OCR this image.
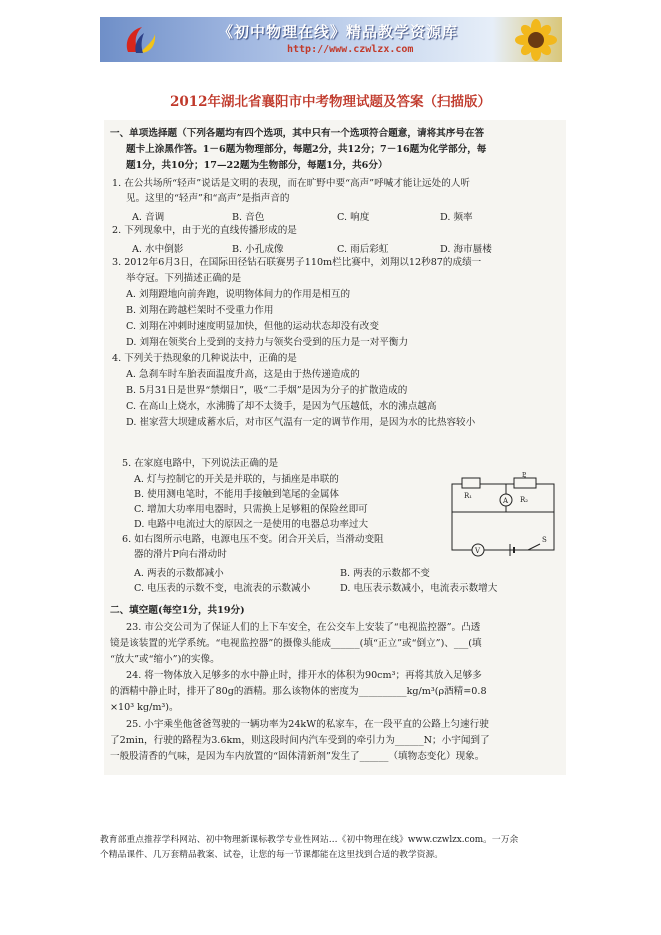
《初中物理在线》精品教学资源库
http://www.czwlzx.com
2012年湖北省襄阳市中考物理试题及答案（扫描版）
一、单项选择题（下列各题均有四个选项，其中只有一个选项符合题意，请将其序号在答
题卡上涂黑作答。1－6题为物理部分，每题2分，共12分；7－16题为化学部分，每
题1分，共10分；17—22题为生物部分，每题1分，共6分）
1. 在公共场所“轻声”说话是文明的表现，而在旷野中要“高声”呼喊才能让远处的人听
见。这里的“轻声”和“高声”是指声音的
A. 音调	B. 音色	C. 响度	D. 频率
2. 下列现象中，由于光的直线传播形成的是
A. 水中倒影	B. 小孔成像	C. 雨后彩虹	D. 海市蜃楼
3. 2012年6月3日，在国际田径钻石联赛男子110m栏比赛中，刘翔以12秒87的成绩一
举夺冠。下列描述正确的是
A. 刘翔蹬地向前奔跑，说明物体间力的作用是相互的
B. 刘翔在跨越栏架时不受重力作用
C. 刘翔在冲刺时速度明显加快，但他的运动状态却没有改变
D. 刘翔在领奖台上受到的支持力与领奖台受到的压力是一对平衡力
4. 下列关于热现象的几种说法中，正确的是
A. 急刹车时车胎表面温度升高，这是由于热传递造成的
B. 5月31日是世界“禁烟日”，吸“二手烟”是因为分子的扩散造成的
C. 在高山上烧水，水沸腾了却不太烫手，是因为气压越低，水的沸点越高
D. 崔家营大坝建成蓄水后，对市区气温有一定的调节作用，是因为水的比热容较小
5. 在家庭电路中，下列说法正确的是
A. 灯与控制它的开关是并联的，与插座是串联的
B. 使用测电笔时，不能用手接触到笔尾的金属体
C. 增加大功率用电器时，只需换上足够粗的保险丝即可
D. 电路中电流过大的原因之一是使用的电器总功率过大
6. 如右图所示电路，电源电压不变。闭合开关后，当滑动变阻
器的滑片P向右滑动时
A. 两表的示数都减小	B. 两表的示数都不变
C. 电压表的示数不变，电流表的示数减小	D. 电压表示数减小，电流表示数增大
P
R₁
A R₂
V
S
二、填空题(每空1分，共19分)
23. 市公交公司为了保证人们的上下车安全，在公交车上安装了“电视监控器”。凸透
镜是该装置的光学系统。“电视监控器”的摄像头能成______(填“正立”或“倒立”)、___(填
“放大”或“缩小”)的实像。
24. 将一物体放入足够多的水中静止时，排开水的体积为90cm³；再将其放入足够多
的酒精中静止时，排开了80g的酒精。那么该物体的密度为__________kg/m³(ρ酒精=0.8
×10³ kg/m³)。
25. 小宇乘坐他爸爸驾驶的一辆功率为24kW的私家车，在一段平直的公路上匀速行驶
了2min，行驶的路程为3.6km，则这段时间内汽车受到的牵引力为______N；小宇闻到了
一般股清香的气味，是因为车内放置的“固体清新剂”发生了______（填物态变化）现象。
教育部重点推荐学科网站、初中物理新课标教学专业性网站…《初中物理在线》www.czwlzx.com。一万余
个精品课件、几万套精品教案、试卷，让您的每一节课都能在这里找到合适的教学资源。
